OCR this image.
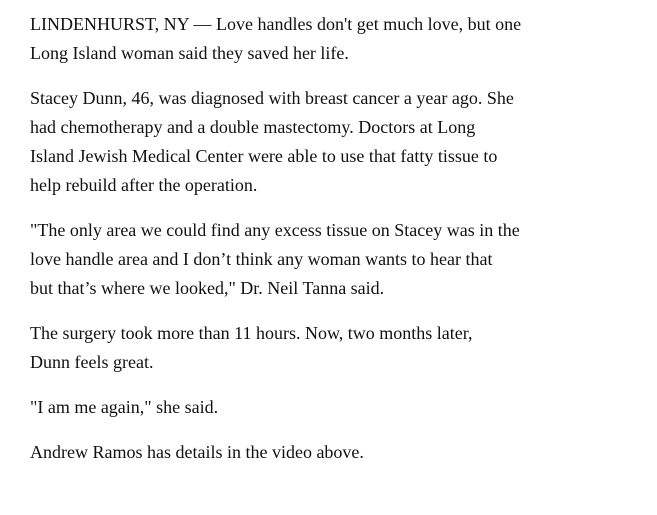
LINDENHURST, NY — Love handles don't get much love, but one
Long Island woman said they saved her life.

Stacey Dunn, 46, was diagnosed with breast cancer a year ago. She
had chemotherapy and a double mastectomy. Doctors at Long
Island Jewish Medical Center were able to use that fatty tissue to
help rebuild after the operation.

"The only area we could find any excess tissue on Stacey was in the
love handle area and I don’t think any woman wants to hear that
but that’s where we looked," Dr. Neil Tanna said.

The surgery took more than 11 hours. Now, two months later,
Dunn feels great.

"I am me again," she said.

Andrew Ramos has details in the video above.
